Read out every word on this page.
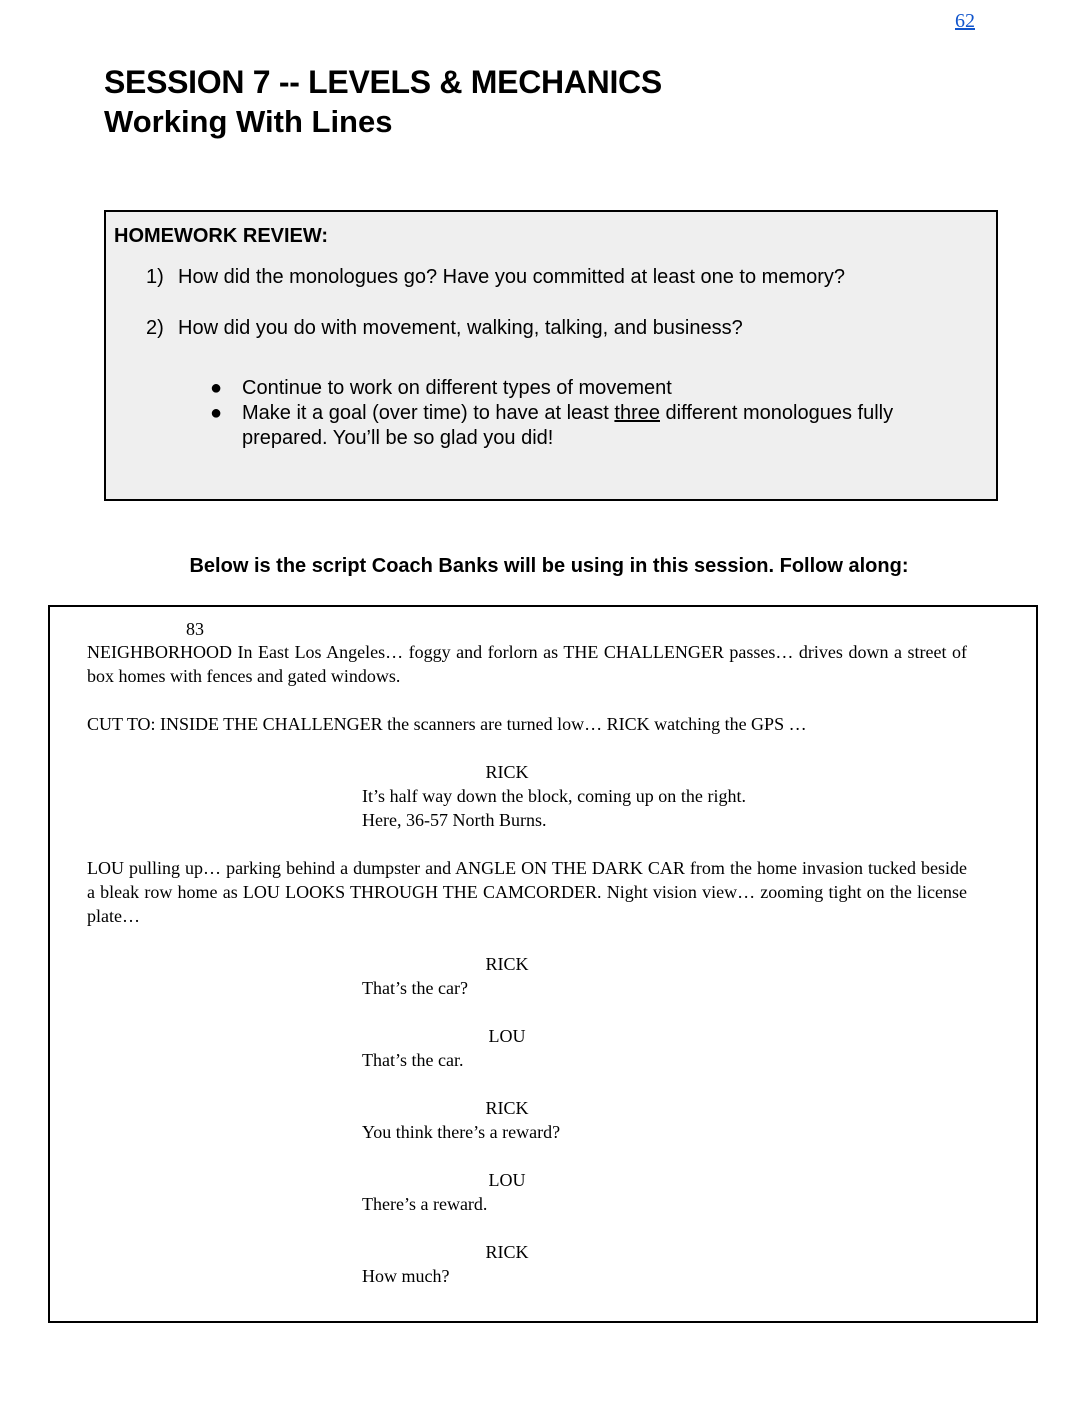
62
SESSION 7 -- LEVELS & MECHANICS
Working With Lines
HOMEWORK REVIEW:
1) How did the monologues go? Have you committed at least one to memory?
2) How did you do with movement, walking, talking, and business?
● Continue to work on different types of movement
● Make it a goal (over time) to have at least three different monologues fully prepared. You’ll be so glad you did!
Below is the script Coach Banks will be using in this session. Follow along:
83

NEIGHBORHOOD In East Los Angeles… foggy and forlorn as THE CHALLENGER passes… drives down a street of box homes with fences and gated windows.

CUT TO: INSIDE THE CHALLENGER the scanners are turned low… RICK watching the GPS …

RICK

It’s half way down the block, coming up on the right. Here, 36-57 North Burns.

LOU pulling up… parking behind a dumpster and ANGLE ON THE DARK CAR from the home invasion tucked beside a bleak row home as LOU LOOKS THROUGH THE CAMCORDER. Night vision view… zooming tight on the license plate…

RICK

That’s the car?

LOU

That’s the car.

RICK

You think there’s a reward?

LOU

There’s a reward.

RICK

How much?
